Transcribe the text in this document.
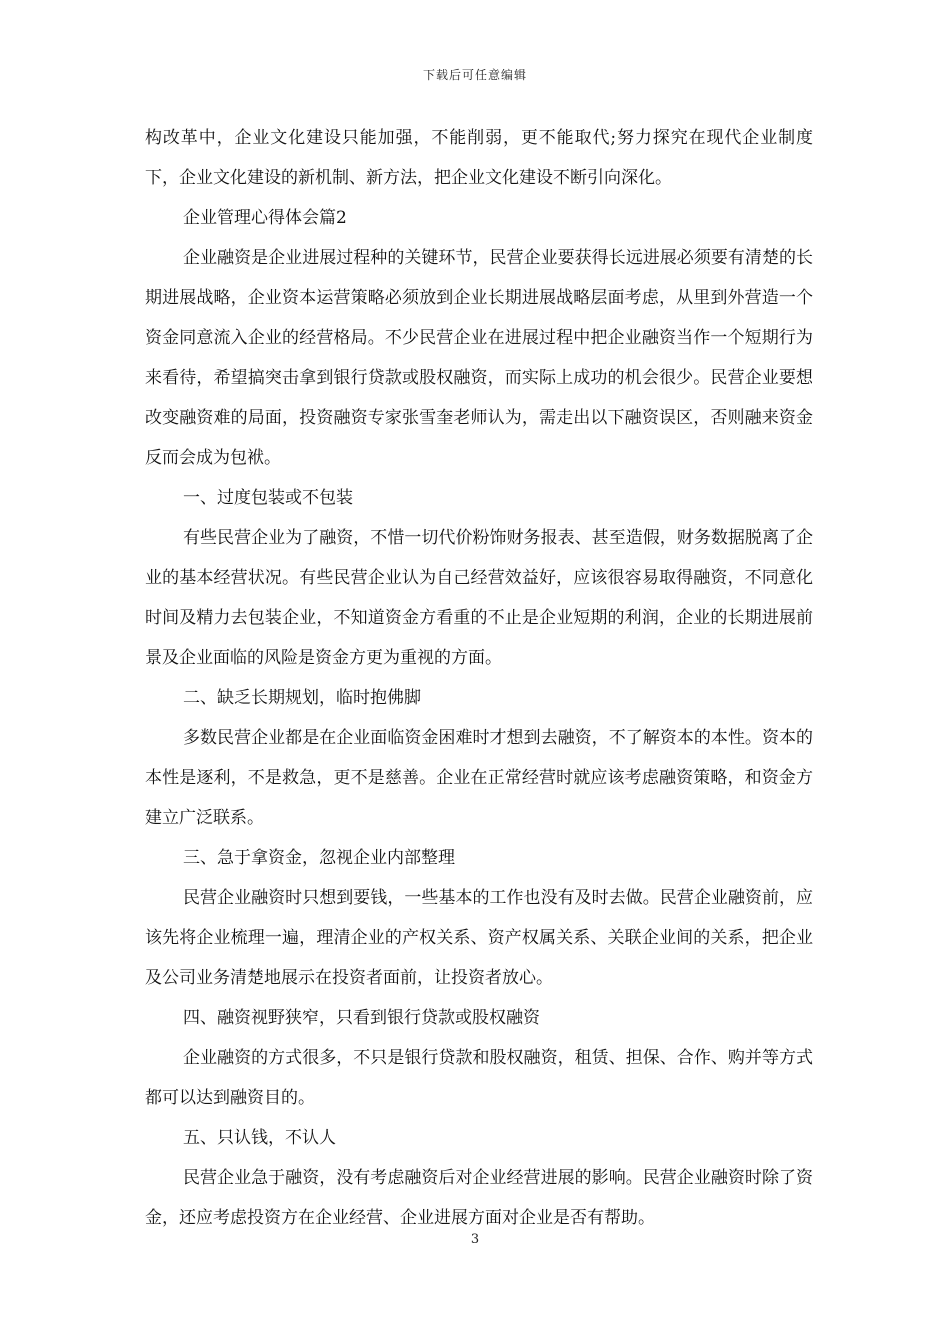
下载后可任意编辑

构改革中，企业文化建设只能加强，不能削弱，更不能取代;努力探究在现代企业制度下，企业文化建设的新机制、新方法，把企业文化建设不断引向深化。

企业管理心得体会篇2

企业融资是企业进展过程种的关键环节，民营企业要获得长远进展必须要有清楚的长期进展战略，企业资本运营策略必须放到企业长期进展战略层面考虑，从里到外营造一个资金同意流入企业的经营格局。不少民营企业在进展过程中把企业融资当作一个短期行为来看待，希望搞突击拿到银行贷款或股权融资，而实际上成功的机会很少。民营企业要想改变融资难的局面，投资融资专家张雪奎老师认为，需走出以下融资误区，否则融来资金反而会成为包袱。

一、过度包装或不包装

有些民营企业为了融资，不惜一切代价粉饰财务报表、甚至造假，财务数据脱离了企业的基本经营状况。有些民营企业认为自己经营效益好，应该很容易取得融资，不同意化时间及精力去包装企业，不知道资金方看重的不止是企业短期的利润，企业的长期进展前景及企业面临的风险是资金方更为重视的方面。

二、缺乏长期规划，临时抱佛脚

多数民营企业都是在企业面临资金困难时才想到去融资，不了解资本的本性。资本的本性是逐利，不是救急，更不是慈善。企业在正常经营时就应该考虑融资策略，和资金方建立广泛联系。

三、急于拿资金，忽视企业内部整理

民营企业融资时只想到要钱，一些基本的工作也没有及时去做。民营企业融资前，应该先将企业梳理一遍，理清企业的产权关系、资产权属关系、关联企业间的关系，把企业及公司业务清楚地展示在投资者面前，让投资者放心。

四、融资视野狭窄，只看到银行贷款或股权融资

企业融资的方式很多，不只是银行贷款和股权融资，租赁、担保、合作、购并等方式都可以达到融资目的。

五、只认钱，不认人

民营企业急于融资，没有考虑融资后对企业经营进展的影响。民营企业融资时除了资金，还应考虑投资方在企业经营、企业进展方面对企业是否有帮助。

3
